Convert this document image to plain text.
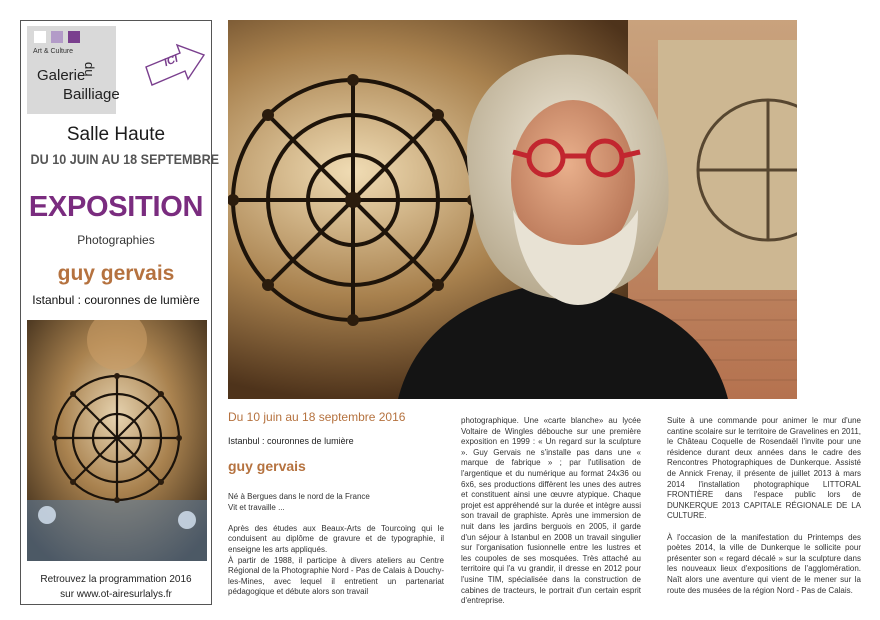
Art & Culture
Galerie
du
Bailliage
ICI
Salle Haute
DU 10 JUIN AU 18 SEPTEMBRE
EXPOSITION
Photographies
guy gervais
Istanbul : couronnes de lumière
Retrouvez la programmation 2016
sur www.ot-airesurlalys.fr
Du 10 juin au 18 septembre 2016
Istanbul : couronnes de lumière
guy gervais

Né à Bergues dans le nord de la France

Vit et travaille ...

Après des études aux Beaux-Arts de Tourcoing qui le conduisent au diplôme de gravure et de typographie, il enseigne les arts appliqués.

À partir de 1988, il participe à divers ateliers au Centre Régional de la Photographie Nord - Pas de Calais à Douchy-les-Mines, avec lequel il entretient un partenariat pédagogique et débute alors son travail

photographique. Une «carte blanche» au lycée Voltaire de Wingles débouche sur une première exposition en 1999 : « Un regard sur la sculpture ». Guy Gervais ne s'installe pas dans une « marque de fabrique » ; par l'utilisation de l'argentique et du numérique au format 24x36 ou 6x6, ses productions diffèrent les unes des autres et constituent ainsi une œuvre atypique. Chaque projet est appréhendé sur la durée et intègre aussi son travail de graphiste. Après une immersion de nuit dans les jardins berguois en 2005, il garde d'un séjour à Istanbul en 2008 un travail singulier sur l'organisation fusionnelle entre les lustres et les coupoles de ses mosquées. Très attaché au territoire qui l'a vu grandir, il dresse en 2012 pour l'usine TIM, spécialisée dans la construction de cabines de tracteurs, le portrait d'un certain esprit d'entreprise.

Suite à une commande pour animer le mur d'une cantine scolaire sur le territoire de Gravelines en 2011, le Château Coquelle de Rosendaël l'invite pour une résidence durant deux années dans le cadre des Rencontres Photographiques de Dunkerque. Assisté de Annick Frenay, il présente de juillet 2013 à mars 2014 l'installation photographique LITTORAL FRONTIÈRE dans l'espace public lors de DUNKERQUE 2013 CAPITALE RÉGIONALE DE LA CULTURE.

À l'occasion de la manifestation du Printemps des poètes 2014, la ville de Dunkerque le sollicite pour présenter son « regard décalé » sur la sculpture dans les nouveaux lieux d'expositions de l'agglomération. Naît alors une aventure qui vient de le mener sur la route des musées de la région Nord - Pas de Calais.
